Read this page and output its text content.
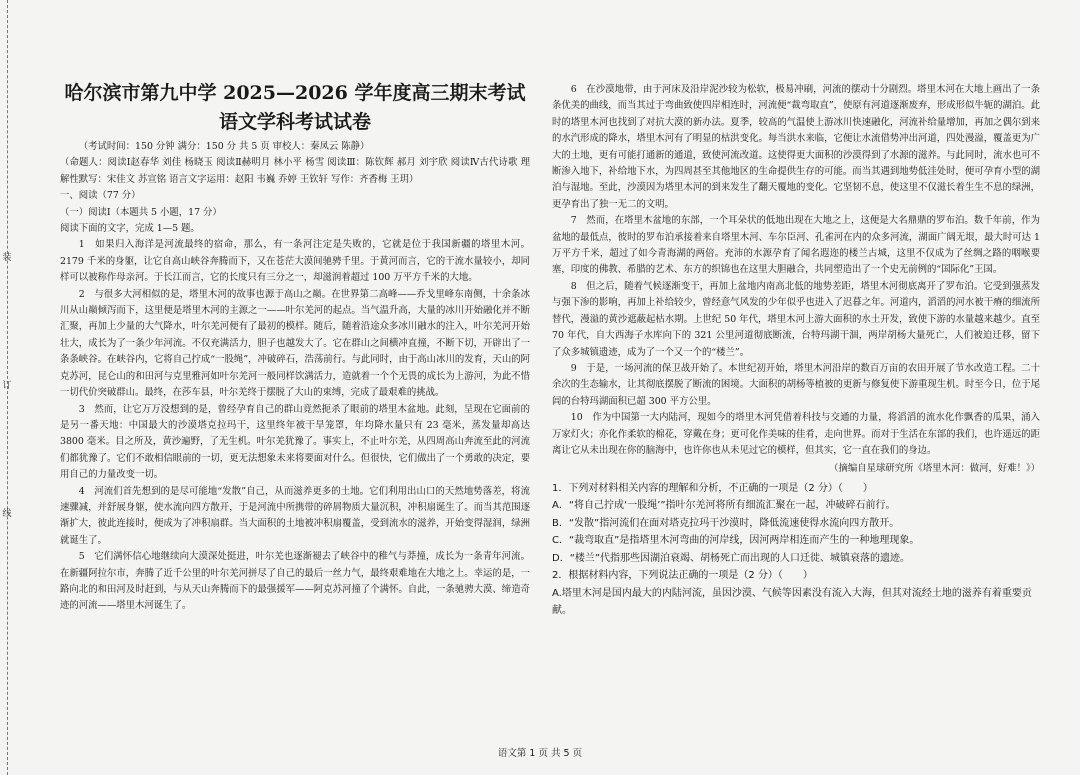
装
订
线
哈尔滨市第九中学 2025—2026 学年度高三期末考试
语文学科考试试卷

（考试时间：150 分钟 满分：150 分 共 5 页 审校人：秦凤云 陈静）

（命题人：阅读Ⅰ赵春华 刘佳 杨晓玉 阅读Ⅱ赫明月 林小平 杨雪 阅读Ⅲ：陈钦辉 郝月 刘宇欣 阅读Ⅳ古代诗歌 理解性默写：宋佳文 苏宣铭 语言文字运用：赵阳 韦巍 乔婷 王钦轩 写作：齐香梅 王玥）

一、阅读（77 分）

（一）阅读Ⅰ（本题共 5 小题，17 分）

阅读下面的文字，完成 1—5 题。

1　如果归入海洋是河流最终的宿命，那么，有一条河注定是失败的，它就是位于我国新疆的塔里木河。2179 千米的身躯，让它自高山峡谷奔腾而下，又在苍茫大漠间驰骋千里。于黄河而言，它的干流水量较小，却同样可以被称作母亲河。于长江而言，它的长度只有三分之一，却滋润着超过 100 万平方千米的大地。

2　与很多大河相似的是，塔里木河的故事也源于高山之巅。在世界第二高峰——乔戈里峰东南侧，十余条冰川从山巅倾泻而下，这里便是塔里木河的主源之一——叶尔羌河的起点。当气温升高，大量的冰川开始融化并不断汇聚，再加上少量的大气降水，叶尔羌河便有了最初的模样。随后，随着沿途众多冰川融水的注入，叶尔羌河开始壮大，成长为了一条少年河流。不仅充满活力，胆子也越发大了。它在群山之间横冲直撞，不断下切，开辟出了一条条峡谷。在峡谷内，它将自己拧成“一股绳”，冲破碎石，浩荡前行。与此同时，由于高山冰川的发育，天山的阿克苏河，昆仑山的和田河与克里雅河如叶尔羌河一般同样饮满活力，造就着一个个无畏的成长为上游河，为此不惜一切代价突破群山。最终，在莎车县，叶尔羌终于摆脱了大山的束缚，完成了最艰难的挑战。

3　然而，让它万万没想到的是，曾经孕育自己的群山竟然扼杀了眼前的塔里木盆地。此刻，呈现在它面前的是另一番天地：中国最大的沙漠塔克拉玛干，这里终年被干旱笼罩，年均降水量只有 23 毫米，蒸发量却高达 3800 毫米。目之所及，黄沙遍野，了无生机。叶尔羌犹豫了。事实上，不止叶尔羌，从四周高山奔流至此的河流们都犹豫了。它们不敢相信眼前的一切，更无法想象未来将要面对什么。但很快，它们做出了一个勇敢的决定，要用自己的力量改变一切。

4　河流们首先想到的是尽可能地“发散”自己，从而滋养更多的土地。它们利用出山口的天然地势落差，将流速骤减，并舒展身躯，使水流向四方散开，于是河流中所携带的碎屑物质大量沉积，冲积扇诞生了。而当其范围逐渐扩大，彼此连接时，便成为了冲积扇群。当大面积的土地被冲积扇覆盖，受到流水的滋养，开始变得湿润，绿洲就诞生了。

5　它们满怀信心地继续向大漠深处挺进，叶尔羌也逐渐褪去了峡谷中的稚气与莽撞，成长为一条青年河流。在新疆阿拉尔市，奔腾了近千公里的叶尔羌河拼尽了自己的最后一丝力气，最终艰难地在大地之上。幸运的是，一路向北的和田河及时赶到，与从天山奔腾而下的最强援军——阿克苏河撞了个满怀。自此，一条驰骋大漠、缔造奇迹的河流——塔里木河诞生了。

6　在沙漠地带，由于河床及沿岸泥沙较为松软，极易冲刷，河流的摆动十分剧烈。塔里木河在大地上画出了一条条优美的曲线，而当其过于弯曲致使四岸相连时，河流便“裁弯取直”，使原有河道逐渐废弃，形成形似牛轭的湖泊。此时的塔里木河也找到了对抗大漠的新办法。夏季，较高的气温使上游冰川快速融化，河流补给量增加，再加之偶尔到来的水汽形成的降水，塔里木河有了明显的枯洪变化。每当洪水来临，它便让水流借势冲出河道，四处漫溢，覆盖更为广大的土地，更有可能打通新的通道，致使河流改道。这使得更大面积的沙漠得到了水源的滋养。与此同时，流水也可不断渗入地下，补给地下水，为四周甚至其他地区的生命提供生存的可能。而当其遇到地势低洼处时，便可孕育小型的湖泊与湿地。至此，沙漠因为塔里木河的到来发生了翻天覆地的变化。它坚韧不息，使这里不仅滋长着生生不息的绿洲，更孕育出了独一无二的文明。

7　然而，在塔里木盆地的东部，一个耳朵状的低地出现在大地之上，这便是大名鼎鼎的罗布泊。数千年前，作为盆地的最低点，彼时的罗布泊承接着来自塔里木河、车尔臣河、孔雀河在内的众多河流，湖面广阔无垠，最大时可达 1 万平方千米，超过了如今青海湖的两倍。充沛的水源孕育了闻名遐迩的楼兰古城，这里不仅成为了丝绸之路的咽喉要塞，印度的佛教、希腊的艺术、东方的织锦也在这里大胆融合，共同塑造出了一个史无前例的“国际化”王国。

8　但之后，随着气候逐渐变干，再加上盆地内南高北低的地势差距，塔里木河彻底离开了罗布泊。它受到强蒸发与强下渗的影响，再加上补给较少，曾经意气风发的少年似乎也进入了迟暮之年。河道内，滔滔的河水被干瘠的细流所替代，漫溢的黄沙遮蔽起枯水期。上世纪 50 年代，塔里木河上游大面积的水土开发，致使下游的水量越来越少。直至 70 年代，自大西海子水库向下的 321 公里河道彻底断流，台特玛湖干涸，两岸胡杨大量死亡，人们被迫迁移，留下了众多城镇遗迹，成为了一个又一个的“楼兰”。

9　于是，一场河流的保卫战开始了。本世纪初开始，塔里木河沿岸的数百万亩的农田开展了节水改造工程。二十余次的生态输水，让其彻底摆脱了断流的困境。大面积的胡杨等植被的更新与修复使下游重现生机。时至今日，位于尾闾的台特玛湖面积已超 300 平方公里。

10　作为中国第一大内陆河，现如今的塔里木河凭借着科技与交通的力量，将滔滔的流水化作飘香的瓜果，涌入万家灯火；亦化作柔软的棉花，穿戴在身；更可化作美味的佳肴，走向世界。而对于生活在东部的我们，也许遥远的距离让它从未出现在你的脑海中，也许你也从未见过它的模样，但其实，它一直在我们的身边。

（摘编自星球研究所《塔里木河：做河，好难！》）

1．下列对材料相关内容的理解和分析，不正确的一项是（2 分）（　　）

A．“将自己拧成‘一股绳’”指叶尔羌河将所有细流汇聚在一起，冲破碎石前行。

B．“发散”指河流们在面对塔克拉玛干沙漠时，降低流速使得水流向四方散开。

C．“裁弯取直”是指塔里木河弯曲的河岸线，因河两岸相连而产生的一种地理现象。

D．“楼兰”代指那些因湖泊衰竭、胡杨死亡而出现的人口迁徙、城镇衰落的遗迹。

2．根据材料内容，下列说法正确的一项是（2 分）（　　）

A.塔里木河是国内最大的内陆河流，虽因沙漠、气候等因素没有流入大海，但其对流经土地的滋养有着重要贡献。

语文第 1 页 共 5 页
